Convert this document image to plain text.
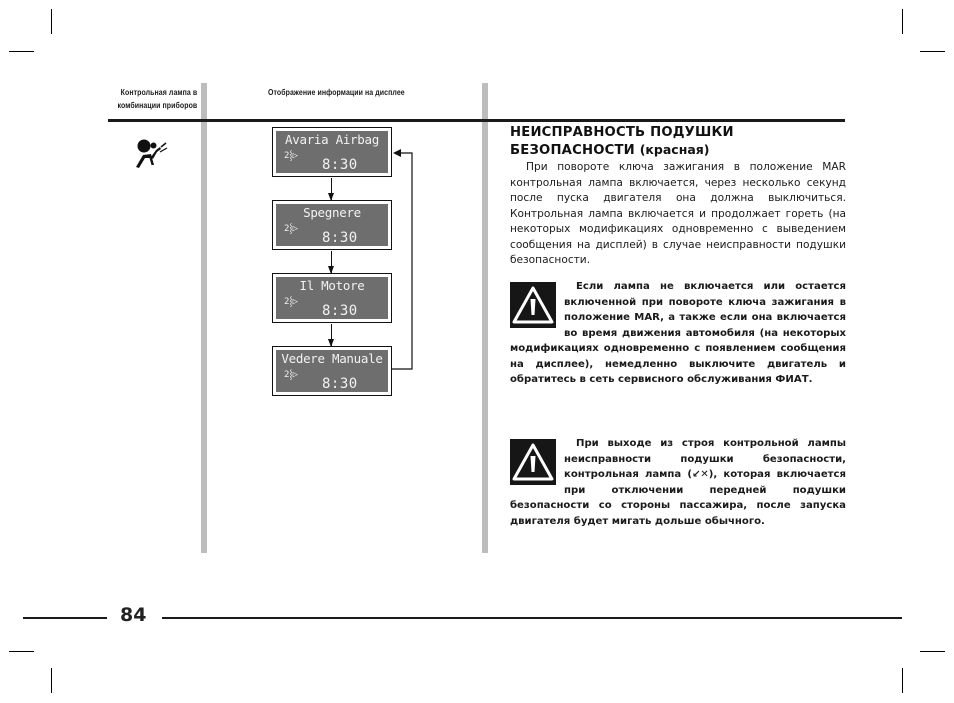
Контрольная лампа в
комбинации приборов
Отображение информации на дисплее
Avaria Airbag
2⸾▷
8:30
Spegnere
2⸾▷
8:30
Il Motore
2⸾▷
8:30
Vedere Manuale
2⸾▷
8:30
НЕИСПРАВНОСТЬ ПОДУШКИ
БЕЗОПАСНОСТИ (красная)

При повороте ключа зажигания в положение MAR контрольная лампа включается, через несколько секунд после пуска двигателя она должна выключиться. Контрольная лампа включается и продолжает гореть (на некоторых модификациях одновременно с выведением сообщения на дисплей) в случае неисправности подушки безопасности.

Если лампа не включается или остается включенной при повороте ключа зажигания в положение MAR, а также если она включается во время движения автомобиля (на некоторых модификациях одновременно с появлением сообщения на дисплее), немедленно выключите двигатель и обратитесь в сеть сервисного обслуживания ФИАТ.

При выходе из строя контрольной лампы неисправности подушки безопасности, контрольная лампа (↙✕), которая включается при отключении передней подушки безопасности со стороны пассажира, после запуска двигателя будет мигать дольше обычного.

84
